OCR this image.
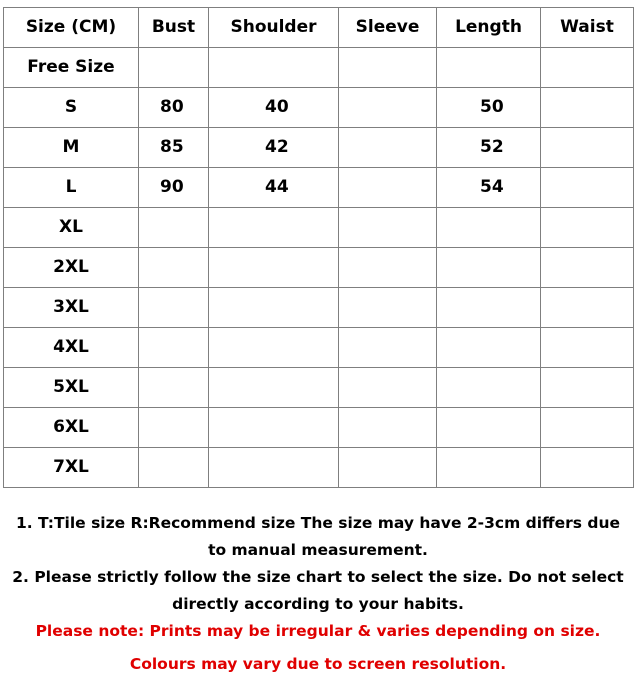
Size (CM)	Bust	Shoulder	Sleeve	Length	Waist
Free Size					
S	80	40		50	
M	85	42		52	
L	90	44		54	
XL					
2XL					
3XL					
4XL					
5XL					
6XL					
7XL					

1. T:Tile size R:Recommend size The size may have 2-3cm differs due

to manual measurement.

2. Please strictly follow the size chart to select the size. Do not select

directly according to your habits.

Please note: Prints may be irregular & varies depending on size.

Colours may vary due to screen resolution.
